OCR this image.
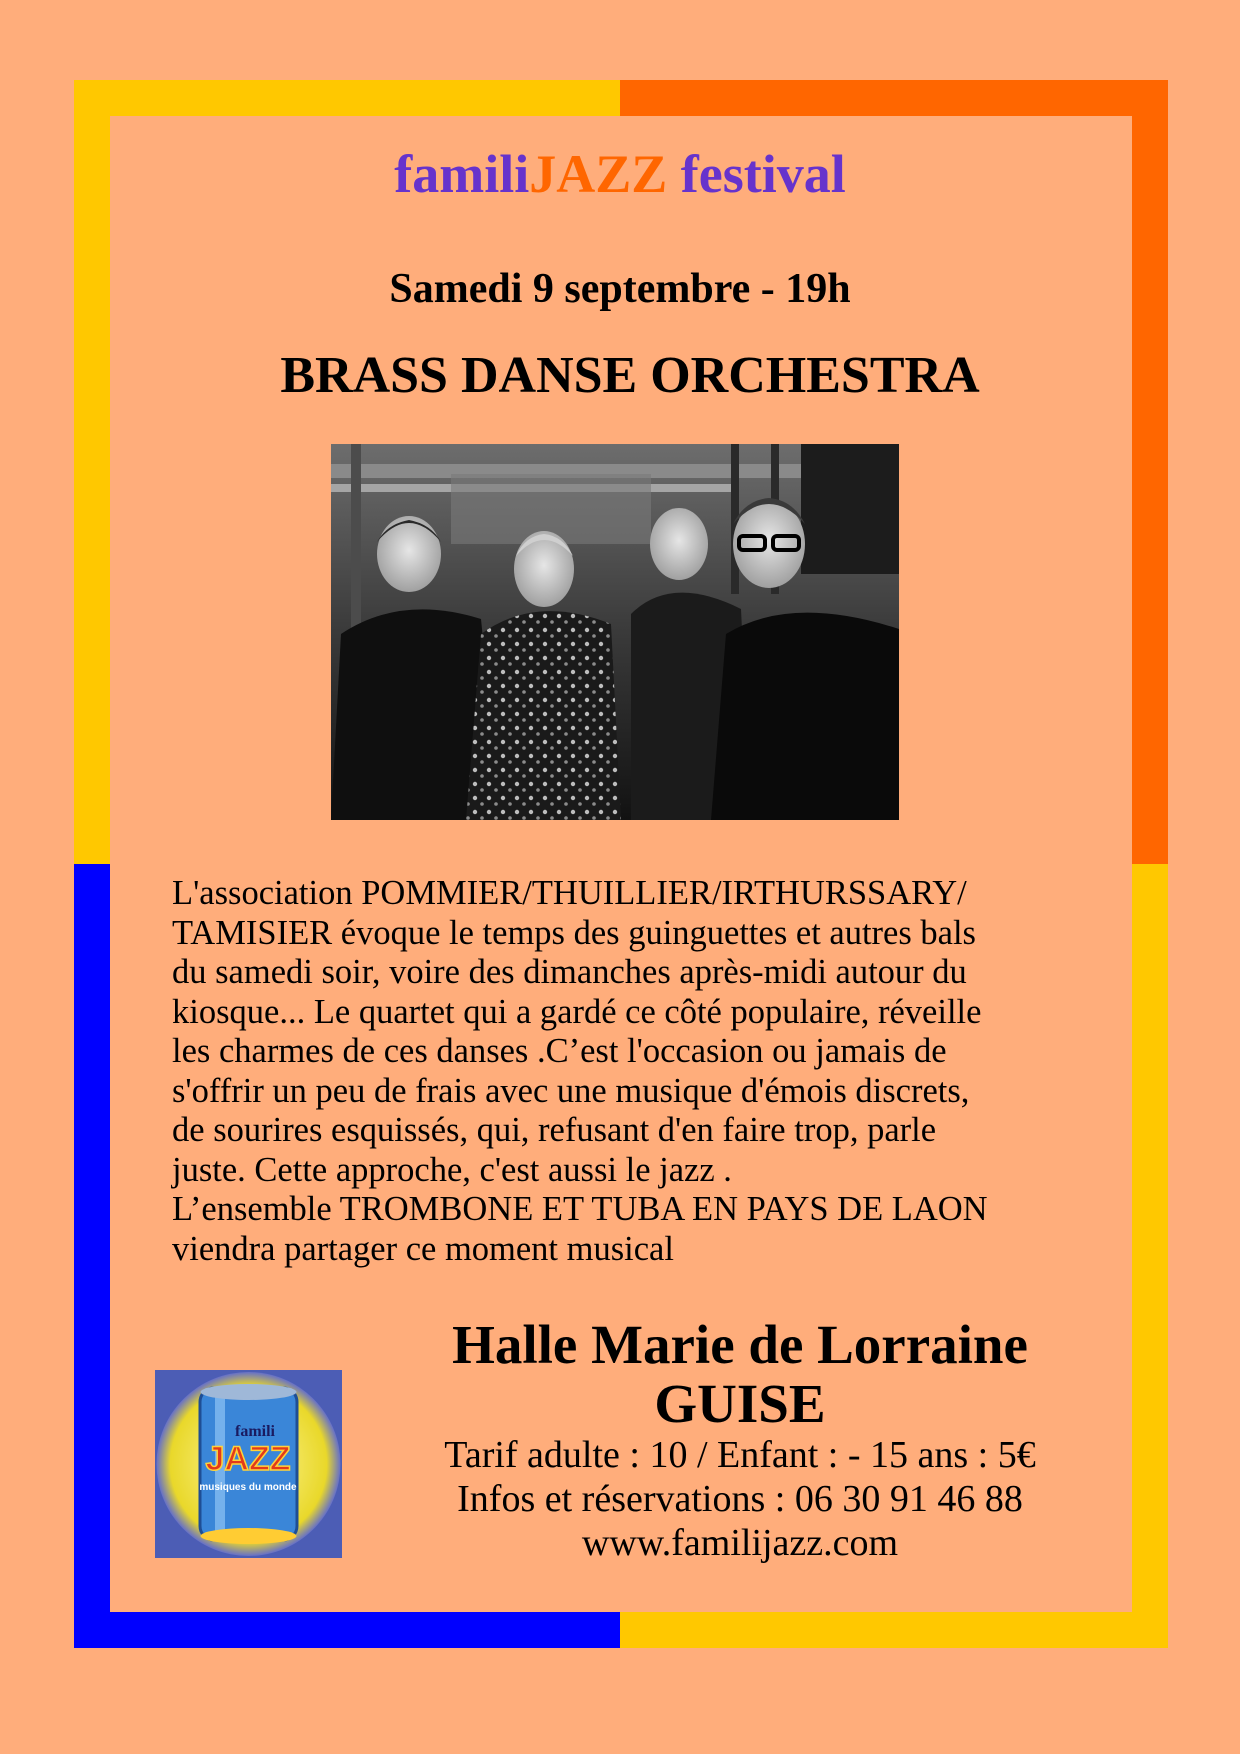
familiJAZZ festival
Samedi 9 septembre - 19h
BRASS DANSE ORCHESTRA
L'association POMMIER/THUILLIER/IRTHURSSARY/
TAMISIER évoque le temps des guinguettes et autres bals
du samedi soir, voire des dimanches après-midi autour du
kiosque... Le quartet qui a gardé ce côté populaire, réveille
les charmes de ces danses .C’est l'occasion ou jamais de
s'offrir un peu de frais avec une musique d'émois discrets,
de sourires esquissés, qui, refusant d'en faire trop, parle
juste. Cette approche, c'est aussi le jazz .
L’ensemble TROMBONE ET TUBA EN PAYS DE LAON
viendra partager ce moment musical
famili
JAZZ
musiques du monde
Halle Marie de Lorraine
GUISE
Tarif adulte : 10 / Enfant : - 15 ans : 5€
Infos et réservations : 06 30 91 46 88
www.familijazz.com
